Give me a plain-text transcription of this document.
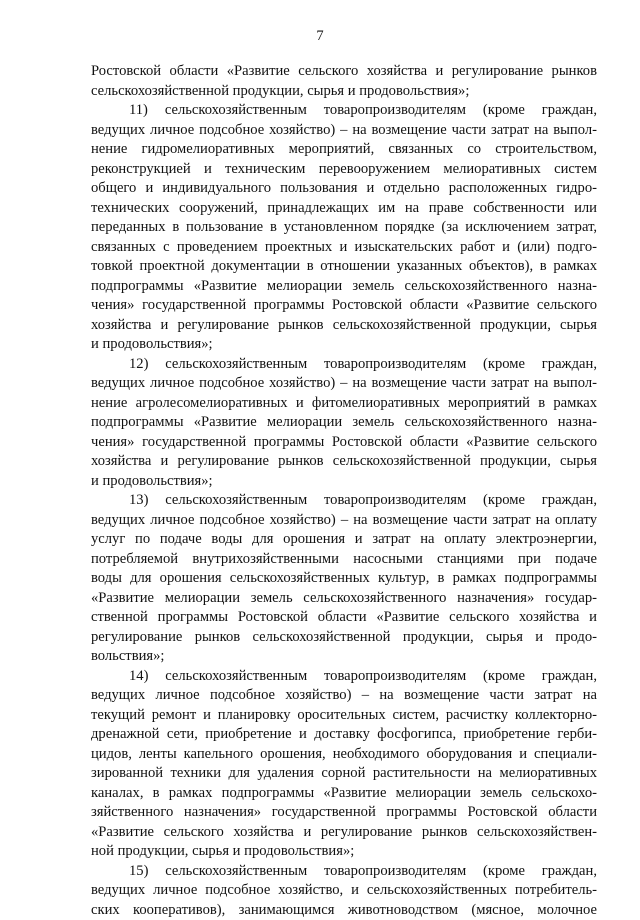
7
Ростовской области «Развитие сельского хозяйства и регулирование рынков
сельскохозяйственной продукции, сырья и продовольствия»;
11) сельскохозяйственным товаропроизводителям (кроме граждан,
ведущих личное подсобное хозяйство) – на возмещение части затрат на выпол-
нение гидромелиоративных мероприятий, связанных со строительством,
реконструкцией и техническим перевооружением мелиоративных систем
общего и индивидуального пользования и отдельно расположенных гидро-
технических сооружений, принадлежащих им на праве собственности или
переданных в пользование в установленном порядке (за исключением затрат,
связанных с проведением проектных и изыскательских работ и (или) подго-
товкой проектной документации в отношении указанных объектов), в рамках
подпрограммы «Развитие мелиорации земель сельскохозяйственного назна-
чения» государственной программы Ростовской области «Развитие сельского
хозяйства и регулирование рынков сельскохозяйственной продукции, сырья
и продовольствия»;
12) сельскохозяйственным товаропроизводителям (кроме граждан,
ведущих личное подсобное хозяйство) – на возмещение части затрат на выпол-
нение агролесомелиоративных и фитомелиоративных мероприятий в рамках
подпрограммы «Развитие мелиорации земель сельскохозяйственного назна-
чения» государственной программы Ростовской области «Развитие сельского
хозяйства и регулирование рынков сельскохозяйственной продукции, сырья
и продовольствия»;
13) сельскохозяйственным товаропроизводителям (кроме граждан,
ведущих личное подсобное хозяйство) – на возмещение части затрат на оплату
услуг по подаче воды для орошения и затрат на оплату электроэнергии,
потребляемой внутрихозяйственными насосными станциями при подаче
воды для орошения сельскохозяйственных культур, в рамках подпрограммы
«Развитие мелиорации земель сельскохозяйственного назначения» государ-
ственной программы Ростовской области «Развитие сельского хозяйства и
регулирование рынков сельскохозяйственной продукции, сырья и продо-
вольствия»;
14) сельскохозяйственным товаропроизводителям (кроме граждан,
ведущих личное подсобное хозяйство) – на возмещение части затрат на
текущий ремонт и планировку оросительных систем, расчистку коллекторно-
дренажной сети, приобретение и доставку фосфогипса, приобретение герби-
цидов, ленты капельного орошения, необходимого оборудования и специали-
зированной техники для удаления сорной растительности на мелиоративных
каналах, в рамках подпрограммы «Развитие мелиорации земель сельскохо-
зяйственного назначения» государственной программы Ростовской области
«Развитие сельского хозяйства и регулирование рынков сельскохозяйствен-
ной продукции, сырья и продовольствия»;
15) сельскохозяйственным товаропроизводителям (кроме граждан,
ведущих личное подсобное хозяйство, и сельскохозяйственных потребитель-
ских кооперативов), занимающимся животноводством (мясное, молочное
